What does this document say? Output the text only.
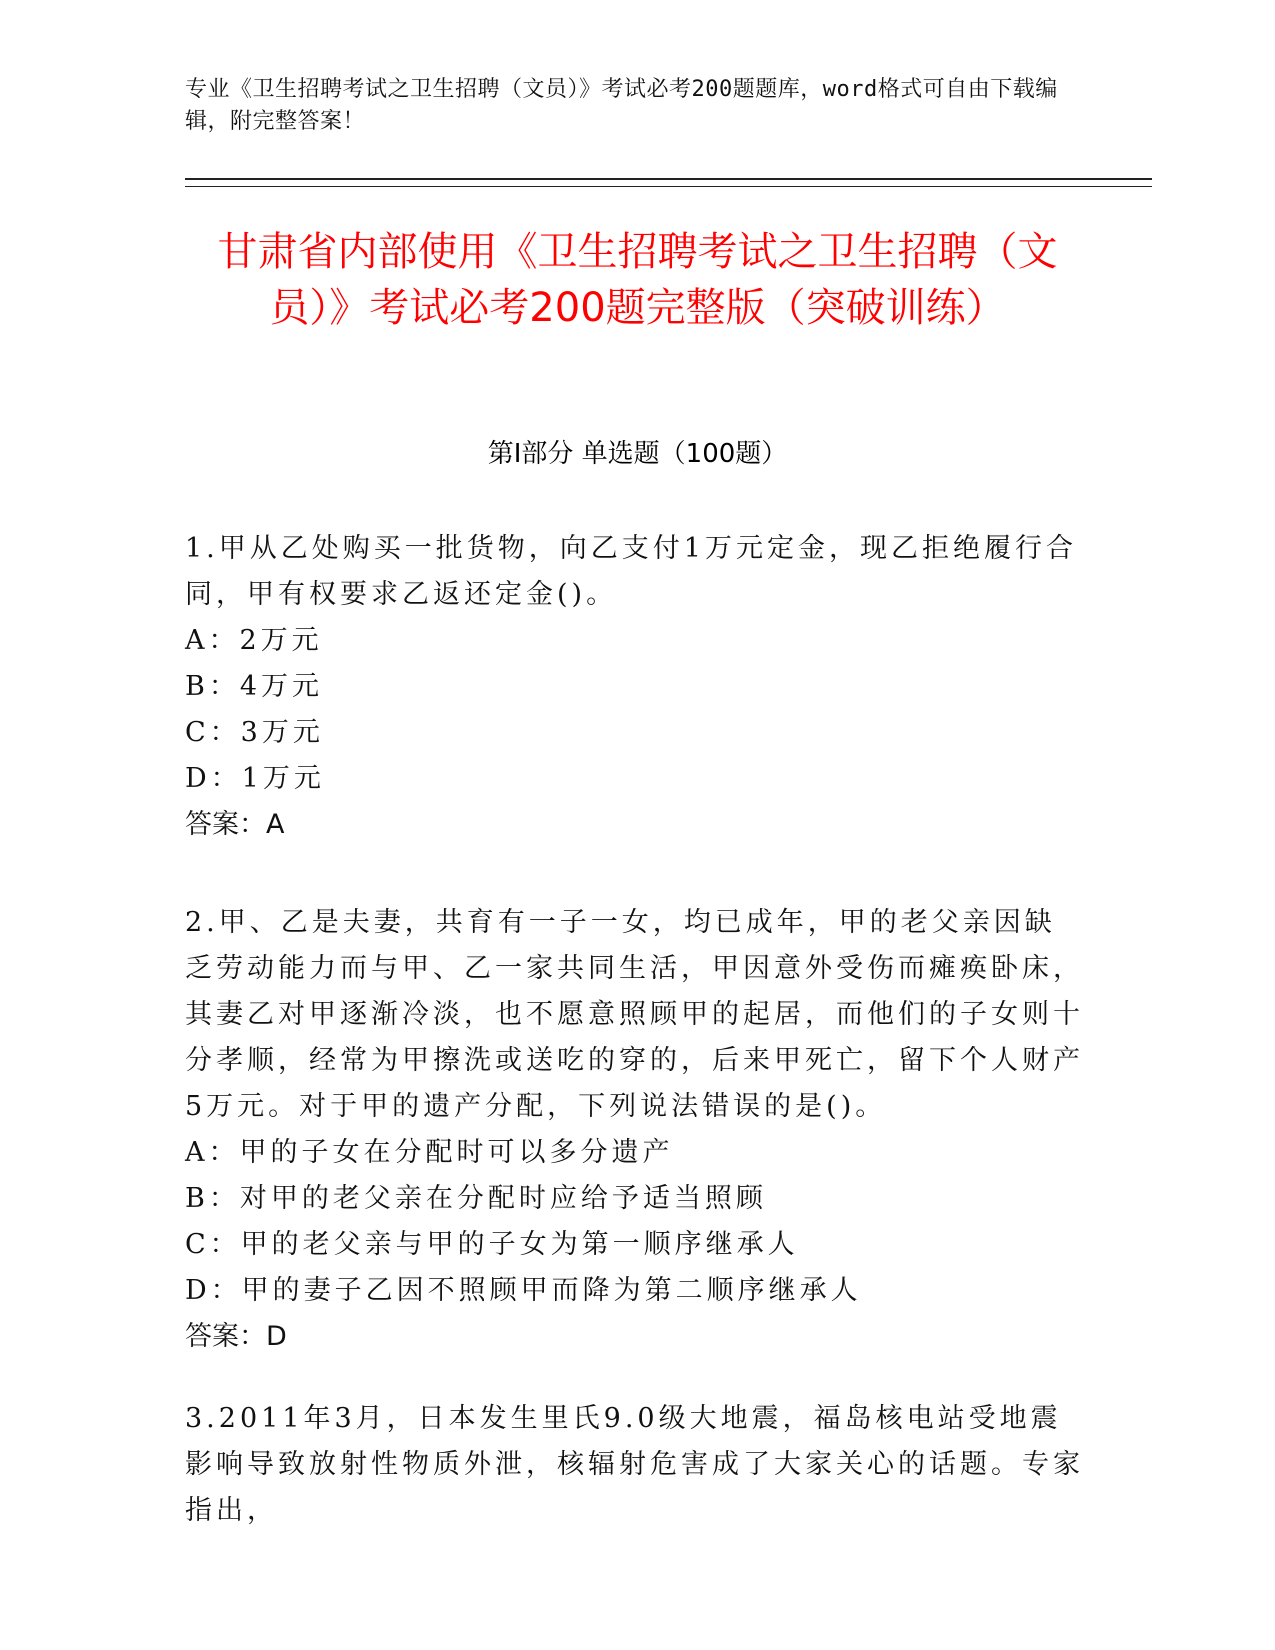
专业《卫生招聘考试之卫生招聘（文员）》考试必考200题题库，word格式可自由下载编辑，附完整答案！
甘肃省内部使用《卫生招聘考试之卫生招聘（文员）》考试必考200题完整版（突破训练）
第I部分 单选题（100题）
1.甲从乙处购买一批货物，向乙支付1万元定金，现乙拒绝履行合同，甲有权要求乙返还定金()。
A：2万元
B：4万元
C：3万元
D：1万元
答案：A
2.甲、乙是夫妻，共育有一子一女，均已成年，甲的老父亲因缺乏劳动能力而与甲、乙一家共同生活，甲因意外受伤而瘫痪卧床，其妻乙对甲逐渐冷淡，也不愿意照顾甲的起居，而他们的子女则十分孝顺，经常为甲擦洗或送吃的穿的，后来甲死亡，留下个人财产5万元。对于甲的遗产分配，下列说法错误的是()。
A：甲的子女在分配时可以多分遗产
B：对甲的老父亲在分配时应给予适当照顾
C：甲的老父亲与甲的子女为第一顺序继承人
D：甲的妻子乙因不照顾甲而降为第二顺序继承人
答案：D
3.2011年3月，日本发生里氏9.0级大地震，福岛核电站受地震影响导致放射性物质外泄，核辐射危害成了大家关心的话题。专家指出，
